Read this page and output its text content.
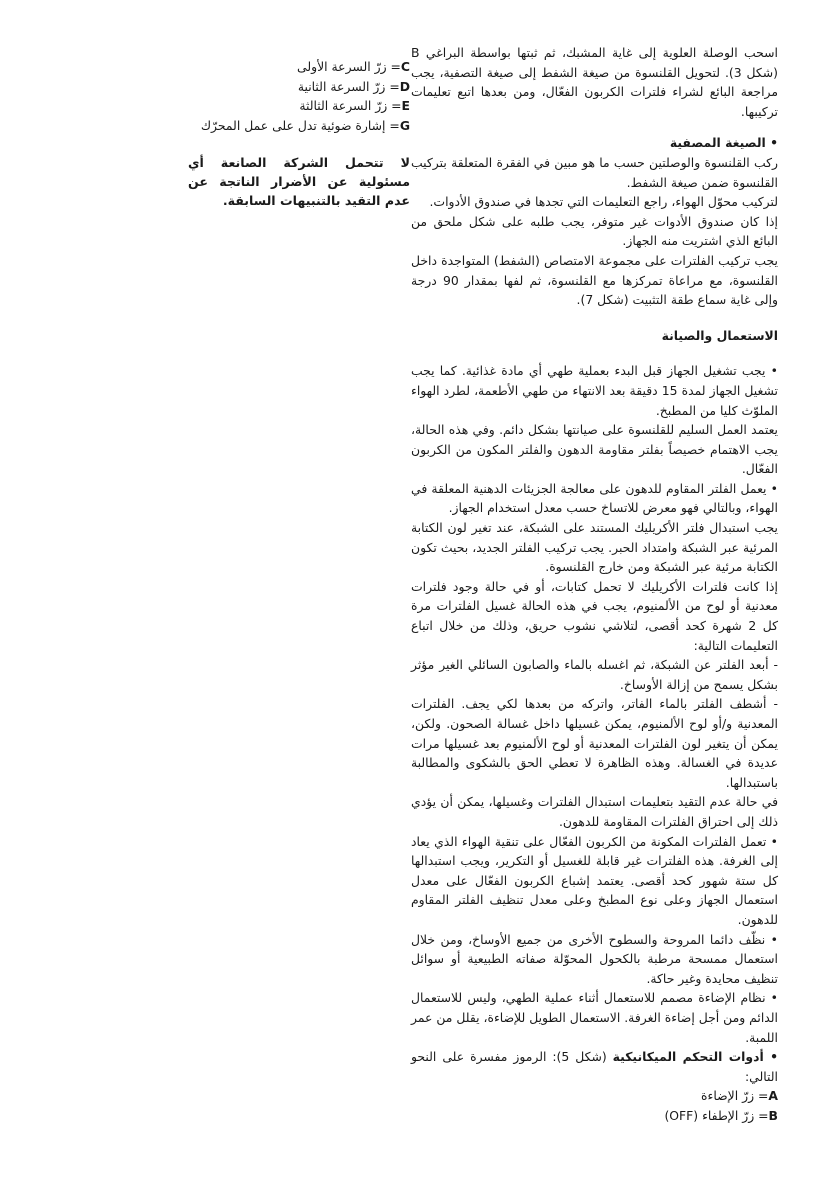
اسحب الوصلة العلوية إلى غاية المشبك، ثم ثبتها بواسطة البراغي B (شكل 3). لتحويل القلنسوة من صيغة الشفط إلى صيغة التصفية، يجب مراجعة البائع لشراء فلترات الكربون الفعّال، ومن بعدها اتبع تعليمات تركيبها.

• الصيغة المصفية

ركب القلنسوة والوصلتين حسب ما هو مبين في الفقرة المتعلقة بتركيب القلنسوة ضمن صيغة الشفط.

لتركيب محوّل الهواء، راجع التعليمات التي تجدها في صندوق الأدوات.

إذا كان صندوق الأدوات غير متوفر، يجب طلبه على شكل ملحق من البائع الذي اشتريت منه الجهاز.

يجب تركيب الفلترات على مجموعة الامتصاص (الشفط) المتواجدة داخل القلنسوة، مع مراعاة تمركزها مع القلنسوة، ثم لفها بمقدار 90 درجة وإلى غاية سماع طقة التثبيت (شكل 7).

الاستعمال والصيانة

• يجب تشغيل الجهاز قبل البدء بعملية طهي أي مادة غذائية. كما يجب تشغيل الجهاز لمدة 15 دقيقة بعد الانتهاء من طهي الأطعمة، لطرد الهواء الملوّث كليا من المطبخ.

يعتمد العمل السليم للقلنسوة على صيانتها بشكل دائم. وفي هذه الحالة، يجب الاهتمام خصيصاً بفلتر مقاومة الدهون والفلتر المكون من الكربون الفعّال.

• يعمل الفلتر المقاوم للدهون على معالجة الجزيئات الدهنية المعلقة في الهواء، وبالتالي فهو معرض للاتساخ حسب معدل استخدام الجهاز.

يجب استبدال فلتر الأكريليك المستند على الشبكة، عند تغير لون الكتابة المرئية عبر الشبكة وامتداد الحبر. يجب تركيب الفلتر الجديد، بحيث تكون الكتابة مرئية عبر الشبكة ومن خارج القلنسوة.

إذا كانت فلترات الأكريليك لا تحمل كتابات، أو في حالة وجود فلترات معدنية أو لوح من الألمنيوم، يجب في هذه الحالة غسيل الفلترات مرة كل 2 شهرة كحد أقصى، لتلاشي نشوب حريق، وذلك من خلال اتباع التعليمات التالية:

- أبعد الفلتر عن الشبكة، ثم اغسله بالماء والصابون السائلي الغير مؤثر بشكل يسمح من إزالة الأوساخ.

- أشطف الفلتر بالماء الفاتر، واتركه من بعدها لكي يجف. الفلترات المعدنية و/أو لوح الألمنيوم، يمكن غسيلها داخل غسالة الصحون. ولكن، يمكن أن يتغير لون الفلترات المعدنية أو لوح الألمنيوم بعد غسيلها مرات عديدة في الغسالة. وهذه الظاهرة لا تعطي الحق بالشكوى والمطالبة باستبدالها.

في حالة عدم التقيد بتعليمات استبدال الفلترات وغسيلها، يمكن أن يؤدي ذلك إلى احتراق الفلترات المقاومة للدهون.

• تعمل الفلترات المكونة من الكربون الفعّال على تنقية الهواء الذي يعاد إلى الغرفة. هذه الفلترات غير قابلة للغسيل أو التكرير، ويجب استبدالها كل ستة شهور كحد أقصى. يعتمد إشباع الكربون الفعّال على معدل استعمال الجهاز وعلى نوع المطبخ وعلى معدل تنظيف الفلتر المقاوم للدهون.

• نظّف دائما المروحة والسطوح الأخرى من جميع الأوساخ، ومن خلال استعمال ممسحة مرطبة بالكحول المحوّلة صفاته الطبيعية أو سوائل تنظيف محايدة وغير حاكة.

• نظام الإضاءة مصمم للاستعمال أثناء عملية الطهي، وليس للاستعمال الدائم ومن أجل إضاءة الغرفة. الاستعمال الطويل للإضاءة، يقلل من عمر اللمبة.

• أدوات التحكم الميكانيكية (شكل 5): الرموز مفسرة على النحو التالي:

A= زرّ الإضاءة

B= زرّ الإطفاء (OFF)

C= زرّ السرعة الأولى

D= زرّ السرعة الثانية

E= زرّ السرعة الثالثة

G= إشارة ضوئية تدل على عمل المحرّك

لا تتحمل الشركة الصانعة أي مسئولية عن الأضرار الناتجة عن عدم التقيد بالتنبيهات السابقة.
